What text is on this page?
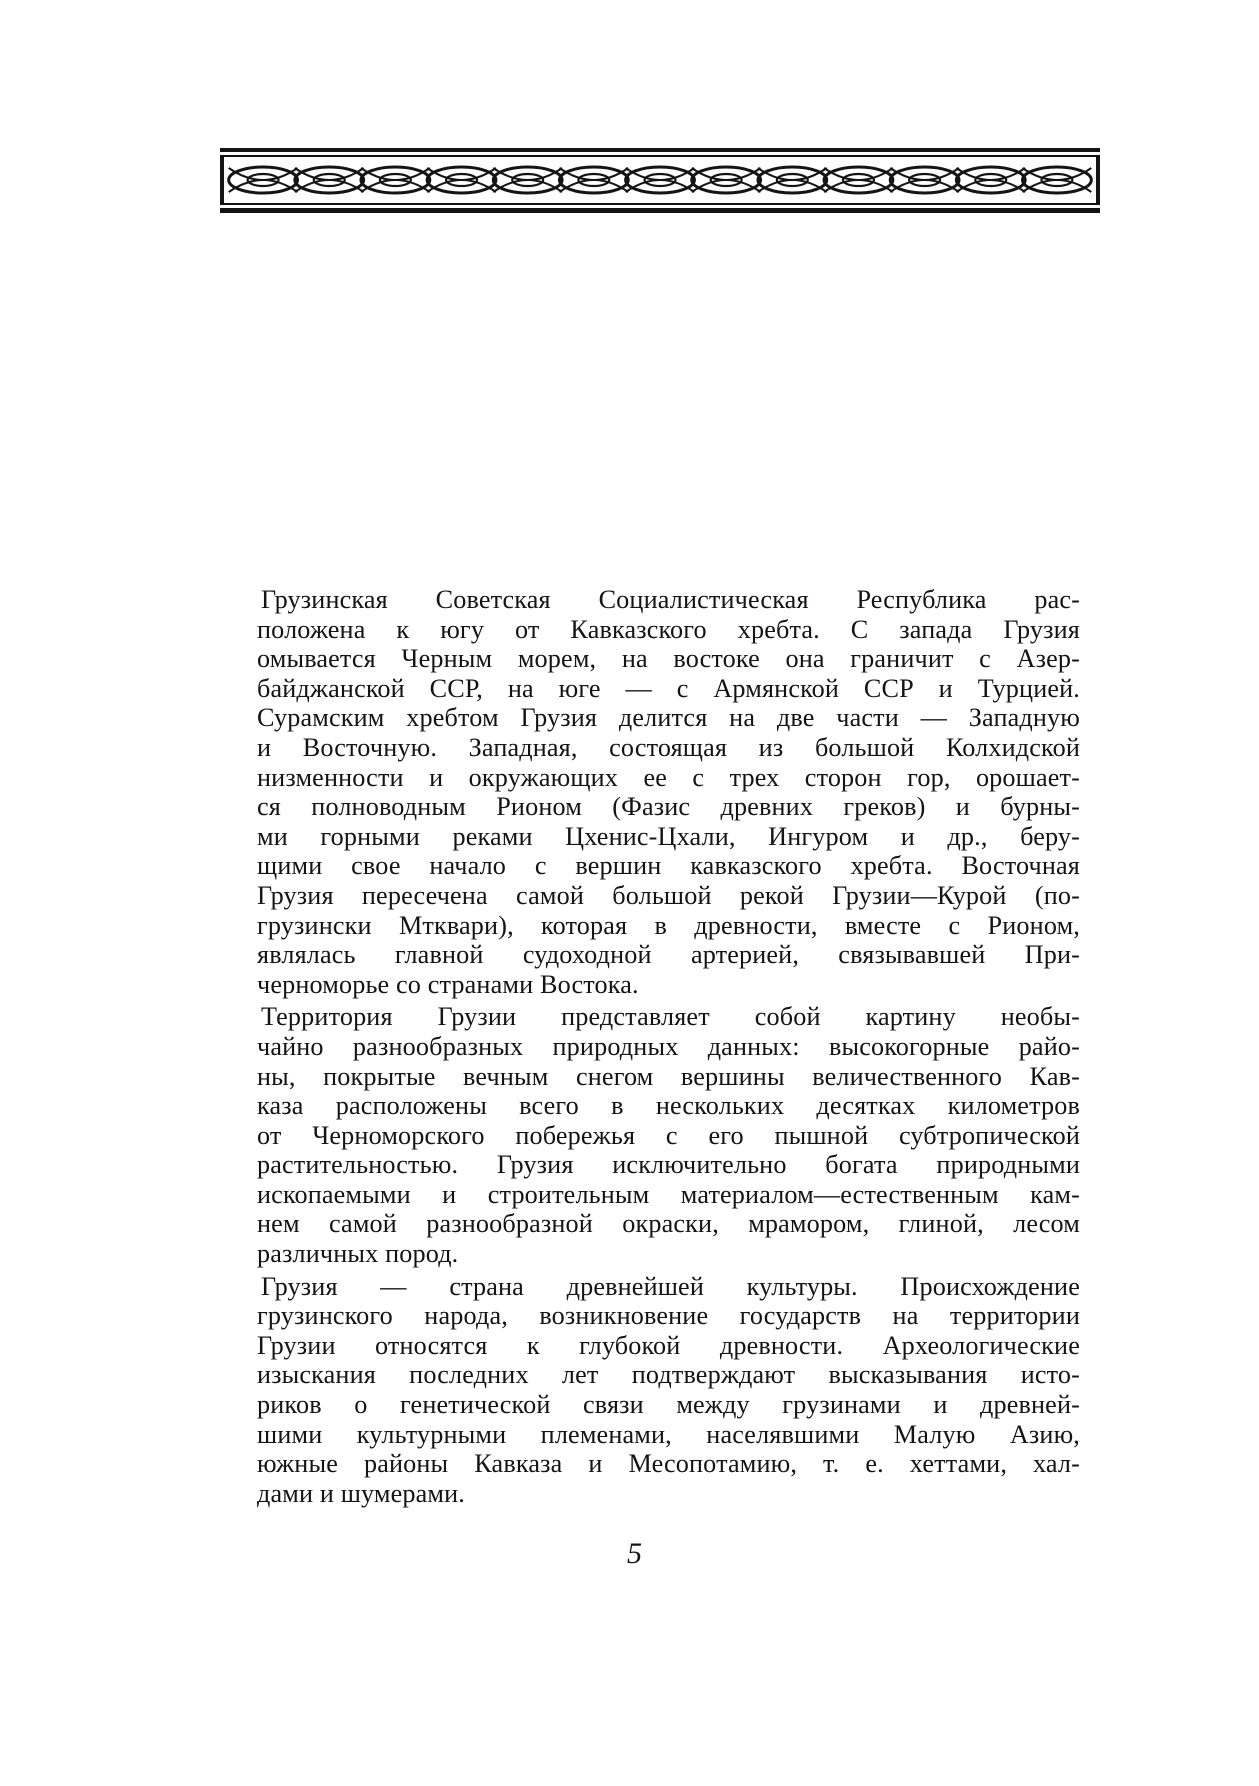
Грузинская Советская Социалистическая Республика рас-
положена к югу от Кавказского хребта. С запада Грузия
омывается Черным морем, на востоке она граничит с Азер-
байджанской ССР, на юге — с Армянской ССР и Турцией.
Сурамским хребтом Грузия делится на две части — Западную
и Восточную. Западная, состоящая из большой Колхидской
низменности и окружающих ее с трех сторон гор, орошает-
ся полноводным Рионом (Фазис древних греков) и бурны-
ми горными реками Цхенис-Цхали, Ингуром и др., беру-
щими свое начало с вершин кавказского хребта. Восточная
Грузия пересечена самой большой рекой Грузии—Курой (по-
грузински Мтквари), которая в древности, вместе с Рионом,
являлась главной судоходной артерией, связывавшей При-
черноморье со странами Востока.

Территория Грузии представляет собой картину необы-
чайно разнообразных природных данных: высокогорные райо-
ны, покрытые вечным снегом вершины величественного Кав-
каза расположены всего в нескольких десятках километров
от Черноморского побережья с его пышной субтропической
растительностью. Грузия исключительно богата природными
ископаемыми и строительным материалом—естественным кам-
нем самой разнообразной окраски, мрамором, глиной, лесом
различных пород.

Грузия — страна древнейшей культуры. Происхождение
грузинского народа, возникновение государств на территории
Грузии относятся к глубокой древности. Археологические
изыскания последних лет подтверждают высказывания исто-
риков о генетической связи между грузинами и древней-
шими культурными племенами, населявшими Малую Азию,
южные районы Кавказа и Месопотамию, т. е. хеттами, хал-
дами и шумерами.

5
